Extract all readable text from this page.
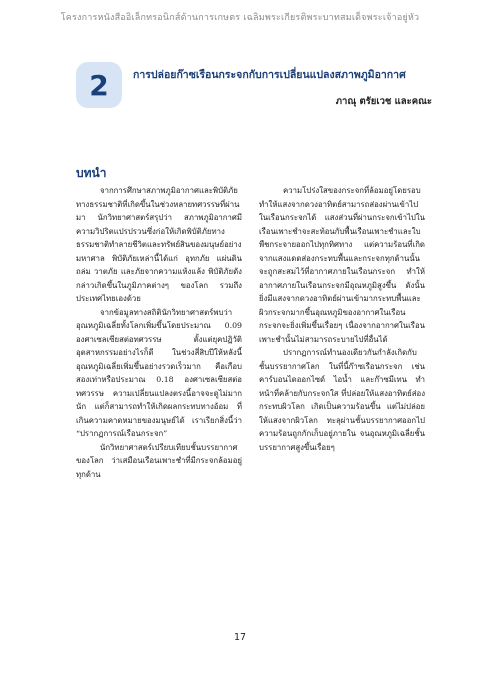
โครงการหนังสืออิเล็กทรอนิกส์ด้านการเกษตร เฉลิมพระเกียรติพระบาทสมเด็จพระเจ้าอยู่หัว
2 การปล่อยก๊าซเรือนกระจกกับการเปลี่ยนแปลงสภาพภูมิอากาศ
ภาณุ ตรัยเวช และคณะ
บทนำ

จากการศึกษาสภาพภูมิอากาศและพิบัติภัยทางธรรมชาติที่เกิดขึ้นในช่วงหลายทศวรรษที่ผ่านมา นักวิทยาศาสตร์สรุปว่า สภาพภูมิอากาศมีความวิปริตแปรปรวนซึ่งก่อให้เกิดพิบัติภัยทางธรรมชาติทำลายชีวิตและทรัพย์สินของมนุษย์อย่างมหาศาล พิบัติภัยเหล่านี้ได้แก่ อุทกภัย แผ่นดินถล่ม วาตภัย และภัยจากความแห้งแล้ง พิบัติภัยดังกล่าวเกิดขึ้นในภูมิภาคต่างๆ ของโลก รวมถึงประเทศไทยเองด้วย

จากข้อมูลทางสถิตินักวิทยาศาสตร์พบว่าอุณหภูมิเฉลี่ยทั้งโลกเพิ่มขึ้นโดยประมาณ 0.09 องศาเซลเซียสต่อทศวรรษ ตั้งแต่ยุคปฏิวัติอุตสาหกรรมอย่างไรก็ดี ในช่วงสี่สิบปีให้หลังนี้ อุณหภูมิเฉลี่ยเพิ่มขึ้นอย่างรวดเร็วมาก คือเกือบสองเท่าหรือประมาณ 0.18 องศาเซลเซียสต่อทศวรรษ ความเปลี่ยนแปลงตรงนี้อาจจะดูไม่มากนัก แต่ก็สามารถทำให้เกิดผลกระทบทางอ้อม ที่เกินความคาดหมายของมนุษย์ได้ เราเรียกสิ่งนี้ว่า “ปรากฏการณ์เรือนกระจก”

นักวิทยาศาสตร์เปรียบเทียบชั้นบรรยากาศของโลก ว่าเสมือนเรือนเพาะชำที่มีกระจกล้อมอยู่ทุกด้าน

ความโปร่งใสของกระจกที่ล้อมอยู่โดยรอบทำให้แสงจากดวงอาทิตย์สามารถส่องผ่านเข้าไปในเรือนกระจกได้ แสงส่วนที่ผ่านกระจกเข้าไปในเรือนเพาะชำจะสะท้อนกับพื้นเรือนเพาะชำและใบพืชกระจายออกไปทุกทิศทาง แต่ความร้อนที่เกิดจากแสงแดดส่องกระทบพื้นและกระจกทุกด้านนั้นจะถูกสะสมไว้ที่อากาศภายในเรือนกระจก ทำให้อากาศภายในเรือนกระจกมีอุณหภูมิสูงขึ้น ดังนั้นยิ่งมีแสงจากดวงอาทิตย์ผ่านเข้ามากระทบพื้นและผิวกระจกมากขึ้นอุณหภูมิของอากาศในเรือนกระจกจะยิ่งเพิ่มขึ้นเรื่อยๆ เนื่องจากอากาศในเรือนเพาะชำนั้นไม่สามารถระบายไปที่อื่นได้

ปรากฏการณ์ทำนองเดียวกันกำลังเกิดกับชั้นบรรยากาศโลก ในที่นี้ก๊าซเรือนกระจก เช่น คาร์บอนไดออกไซด์ ไอน้ำ และก๊าซมีเทน ทำหน้าที่คล้ายกับกระจกใส ที่ปล่อยให้แสงอาทิตย์ส่องกระทบผิวโลก เกิดเป็นความร้อนขึ้น แต่ไม่ปล่อยให้แสงจากผิวโลก ทะลุผ่านชั้นบรรยากาศออกไป ความร้อนถูกกักเก็บอยู่ภายใน จนอุณหภูมิเฉลี่ยชั้นบรรยากาศสูงขึ้นเรื่อยๆ

17
